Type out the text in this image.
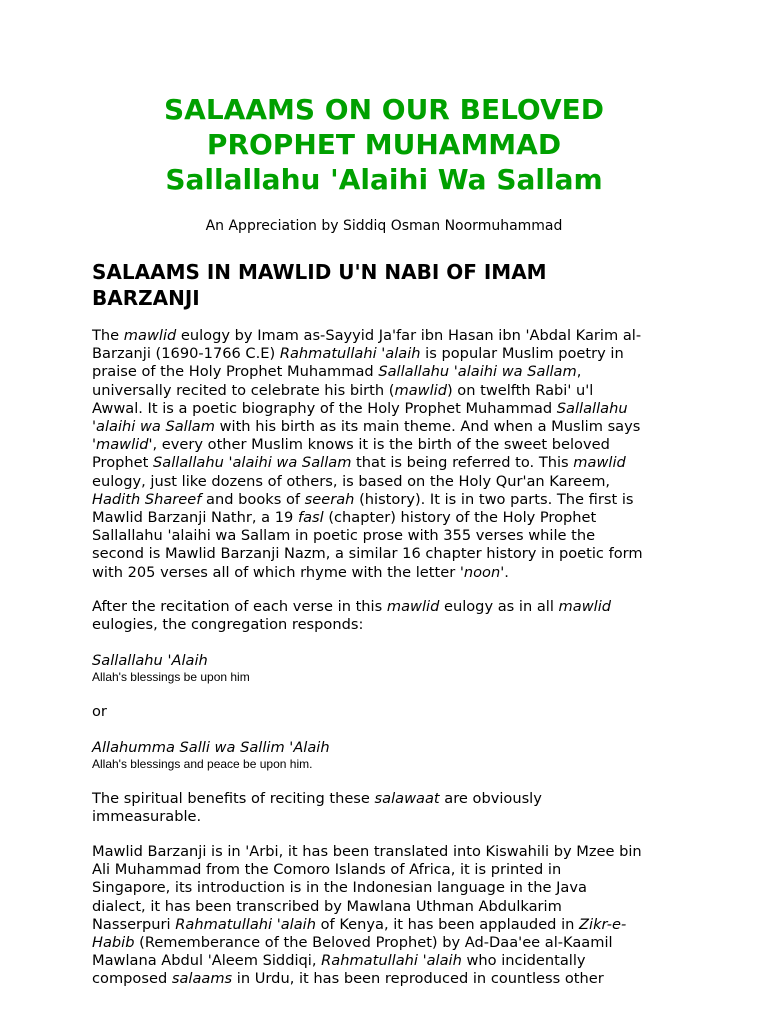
SALAAMS ON OUR BELOVED
PROPHET MUHAMMAD
Sallallahu 'Alaihi Wa Sallam

An Appreciation by Siddiq Osman Noormuhammad

SALAAMS IN MAWLID U'N NABI OF IMAM
BARZANJI

The mawlid eulogy by Imam as-Sayyid Ja'far ibn Hasan ibn 'Abdal Karim al-
Barzanji (1690-1766 C.E) Rahmatullahi 'alaih is popular Muslim poetry in
praise of the Holy Prophet Muhammad Sallallahu 'alaihi wa Sallam,
universally recited to celebrate his birth (mawlid) on twelfth Rabi' u'l
Awwal. It is a poetic biography of the Holy Prophet Muhammad Sallallahu
'alaihi wa Sallam with his birth as its main theme. And when a Muslim says
'mawlid', every other Muslim knows it is the birth of the sweet beloved
Prophet Sallallahu 'alaihi wa Sallam that is being referred to. This mawlid
eulogy, just like dozens of others, is based on the Holy Qur'an Kareem,
Hadith Shareef and books of seerah (history). It is in two parts. The first is
Mawlid Barzanji Nathr, a 19 fasl (chapter) history of the Holy Prophet
Sallallahu 'alaihi wa Sallam in poetic prose with 355 verses while the
second is Mawlid Barzanji Nazm, a similar 16 chapter history in poetic form
with 205 verses all of which rhyme with the letter 'noon'.

After the recitation of each verse in this mawlid eulogy as in all mawlid
eulogies, the congregation responds:

Sallallahu 'Alaih
Allah's blessings be upon him

or

Allahumma Salli wa Sallim 'Alaih
Allah's blessings and peace be upon him.

The spiritual benefits of reciting these salawaat are obviously
immeasurable.

Mawlid Barzanji is in 'Arbi, it has been translated into Kiswahili by Mzee bin
Ali Muhammad from the Comoro Islands of Africa, it is printed in
Singapore, its introduction is in the Indonesian language in the Java
dialect, it has been transcribed by Mawlana Uthman Abdulkarim
Nasserpuri Rahmatullahi 'alaih of Kenya, it has been applauded in Zikr-e-
Habib (Rememberance of the Beloved Prophet) by Ad-Daa'ee al-Kaamil
Mawlana Abdul 'Aleem Siddiqi, Rahmatullahi 'alaih who incidentally
composed salaams in Urdu, it has been reproduced in countless other
